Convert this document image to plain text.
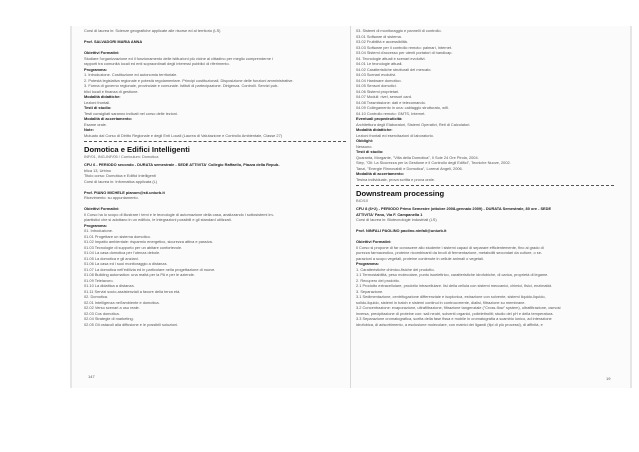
Corsi di laurea in: Scienze geografiche applicate alle risorse ed al territorio (LS)

Prof. SALVADORI MARIA ANNA

Obiettivi Formativi:
Studiare l'organizzazione ed il funzionamento delle istituzioni più vicine al cittadino per meglio comprenderne i
rapporti tra comunità locali ed enti sopraordinati degli interessi pubblici di riferimento.
Programma:
1. Introduzione. Costituzione ed autonomia territoriale.
2. Potestà legislativa regionale e potestà regolamentare. Principi costituzionali. Disposizione delle funzioni amministrative.
3. Forma di governo regionale, provinciale e comunale. Istituti di partecipazione. Dirigenza. Controlli. Servizi pub-
blici locali e finanza di gestione.
Modalità didattiche:
Lezioni frontali.
Testi di studio:
Testi consigliati saranno indicati nel corso delle lezioni.
Modalità di accertamento:
Esame orale.
Note:
Mutuato dal Corso di Diritto Regionale e degli Enti Locali (Laurea di Valutazione e Controllo Ambientale, Classe 27)
Domotica e Edifici Intelligenti
INF/01, ING-INF/05 / Curriculum: Domotica
CFU 6 - PERIODO secondo - DURATA semestrale - SEDE ATTIVITA' Collegio Raffaello, Piazza della Repub-
blica 13, Urbino
Titolo corso: Domotica e Edifici Intelligenti
Corsi di laurea in: Informatica applicata (L)

Prof. PIANO MICHELE pianom@sti.uniurb.it
Ricevimento: su appuntamento.

Obiettivi Formativi:
Il Corso ha lo scopo di illustrare i temi e le tecnologie di automazione della casa, analizzando i sottosistemi im-
piantistici che si adottano in un edificio, le integrazioni possibili e gli standard utilizzati.
Programma:
01. Introduzione.
01.01 Progettare un sistema domotico.
01.02 Impatto ambientale: risparmio energetico, sicurezza attiva e passiva.
01.03 Tecnologie di supporto per un abitare confortevole.
01.04 La casa domotica per l'utenza debole.
01.05 La domotica e gli anziani.
01.06 La casa ed i suoi monitoraggio a distanza.
01.07 La domotica nell'edilizia ed in particolare nella progettazione di nuove.
01.08 Building automation: una realtà per la PA e per le aziende.
01.09 Telelavoro.
01.10 La didattica a distanza.
01.11 Servizi socio-assistenziali a favore della terza età.
02. Domotica.
02.01 Intelligenza nell'ambiente e domotica.
02.02 Verso scenari a uso reale.
02.03 Cos domotica.
02.04 Strategie di marketing.
02.05 Gli ostacoli alla diffusione e le possibili soluzioni.
03. Sistemi di monitoraggio e pannelli di controllo.
03.01 Software di sistema.
03.02 Fruibilità e accessibilità.
03.03 Software per il controllo remoto: palmari, Internet.
03.04 Sistemi d'accesso per utenti portatori di handicap.
04. Tecnologie attuali e scenari evolutivi.
04.01 Le tecnologie attuali.
04.02 Caratteristiche strutturali del mercato.
04.03 Scenari evolutivi.
04.04 Hardware domotico.
04.05 Sensori domotici.
04.06 Sistemi proprietari.
04.07 Moduli: rivel, sensori card.
04.08 Trasmissione: dati e telecomando.
04.09 Collegamento in una: cablaggio strutturato, wifi.
04.10 Controllo remoto: GMTS, Internet.
Eventuali propedeuticità:
Architettura degli Elaboratori, Sistemi Operativi, Reti di Calcolatori.
Modalità didattiche:
Lezioni frontali ed esercitazioni di laboratorio.
Obblighi:
Nessuno.
Testi di studio:
Quaranta, Morgante, "Villa della Domotica", Il Sole 24 Ore Pirola, 2004.
Siep, "Gli: La Sicurezza per la Gestione e il Controllo degli Edifici", Tecniche Nuove, 2002.
Tanzi, "Energie Rinnovabili e Domotica", Lorenzi Angeli, 2006.
Modalità di accertamento:
Tesina individuale, prova scritta e prova orale.
Downstream processing
BIO/10
CFU 8 (6+2) - PERIODO Primo Semestre (ottobre 2008-gennaio 2009) - DURATA Semestrale, 80 ore - SEDE
ATTIVITA' Fano, Via F. Campanella 1
Corsi di laurea in: Biotecnologie industriali (LS)

Prof. NINFALI PAOLINO paolino.ninfali@uniurb.it

Obiettivi Formativi:
Il Corso si propone di far conoscere allo studente i sistemi capaci di separare efficientemente, fino al grado di
purezza farmaceutico, proteine ricombinanti da brodi di fermentazione, metaboliti secondari da culture, o se-
parazioni a scopo vegetali, proteine contenute in cellule animali o vegetali.
Programma:
1. Caratteristiche chimico-fisiche del prodotto.
1.1 Termostabilità, peso molecolare, punto isoelettrico, caratteristiche idrofobiche, di carica, proprietà di legame.
2. Recupero del prodotto.
2.1 Prodotto extracellulare, prodotto intracellulare. lisi della cellula con sistemi meccanici, chimici, fisici, enzimatici.
3. Separazione.
3.1 Sedimentazione, centrifugazione differenziale e isopicnica, estrazione con solvente, sistemi liquido-liquido,
solido-liquido, sistemi in batch e sistemi continui in controcorrente, dialisi, filtrazione su membrane.
3.2 Concentrazione: evaporazione, ultrafiltrazione, filtrazione tangenziale ("Cross-flow" system), ultrafiltrazione, osmosi
inversa, precipitazione di proteine con: sali neutri, solventi organici, polielettroliti; studio del pH e della temperatura.
3.3 Separazione cromatografica, scelta della fase fissa e mobile in cromatografia a scambio ionico, ad interazione
idrofobica, di adsorbimento, a esclusione molecolare, con matrici dei ligandi (tipi di più processi), di affinità, e
147	19
